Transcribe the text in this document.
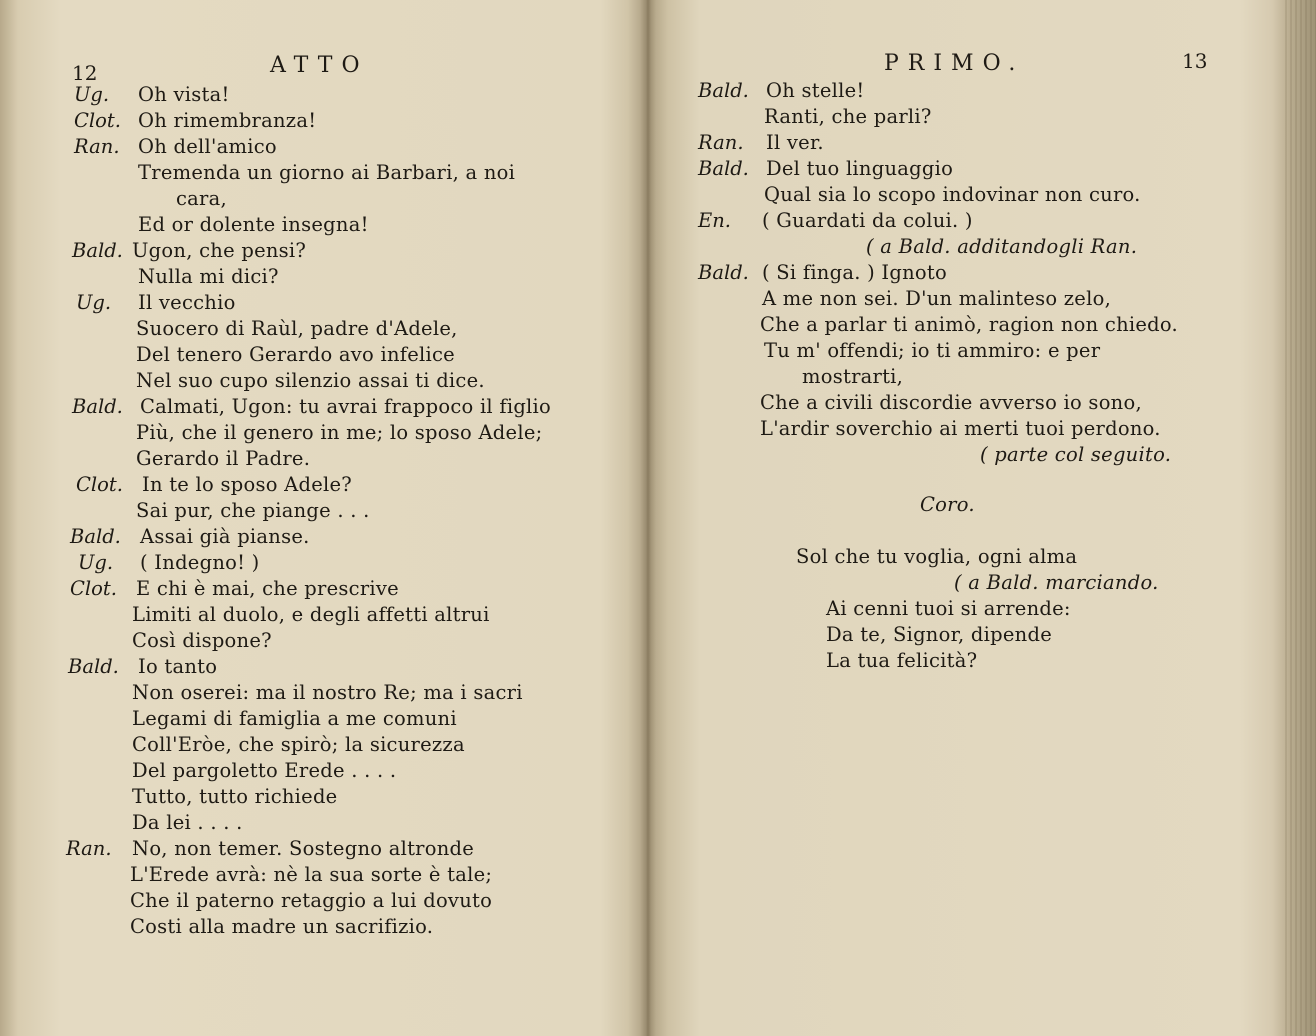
12	ATTO
Ug. Oh vista!
Clot. Oh rimembranza!
Ran. Oh dell'amico
Tremenda un giorno ai Barbari, a noi
cara,
Ed or dolente insegna!
Bald. Ugon, che pensi?
Nulla mi dici?
Ug. Il vecchio
Suocero di Raùl, padre d'Adele,
Del tenero Gerardo avo infelice
Nel suo cupo silenzio assai ti dice.
Bald. Calmati, Ugon: tu avrai frappoco il figlio
Più, che il genero in me; lo sposo Adele;
Gerardo il Padre.
Clot. In te lo sposo Adele?
Sai pur, che piange . . .
Bald. Assai già pianse.
Ug. ( Indegno! )
Clot. E chi è mai, che prescrive
Limiti al duolo, e degli affetti altrui
Così dispone?
Bald. Io tanto
Non oserei: ma il nostro Re; ma i sacri
Legami di famiglia a me comuni
Coll'Eròe, che spirò; la sicurezza
Del pargoletto Erede . . . .
Tutto, tutto richiede
Da lei . . . .
Ran. No, non temer. Sostegno altronde
L'Erede avrà: nè la sua sorte è tale;
Che il paterno retaggio a lui dovuto
Costi alla madre un sacrifizio.
PRIMO.	13
Bald. Oh stelle!
Ranti, che parli?
Ran. Il ver.
Bald. Del tuo linguaggio
Qual sia lo scopo indovinar non curo.
En. ( Guardati da colui. )
( a Bald. additandogli Ran.
Bald. ( Si finga. ) Ignoto
A me non sei. D'un malinteso zelo,
Che a parlar ti animò, ragion non chiedo.
Tu m' offendi; io ti ammiro: e per
mostrarti,
Che a civili discordie avverso io sono,
L'ardir soverchio ai merti tuoi perdono.
( parte col seguito.
Coro.
Sol che tu voglia, ogni alma
( a Bald. marciando.
Ai cenni tuoi si arrende:
Da te, Signor, dipende
La tua felicità?
